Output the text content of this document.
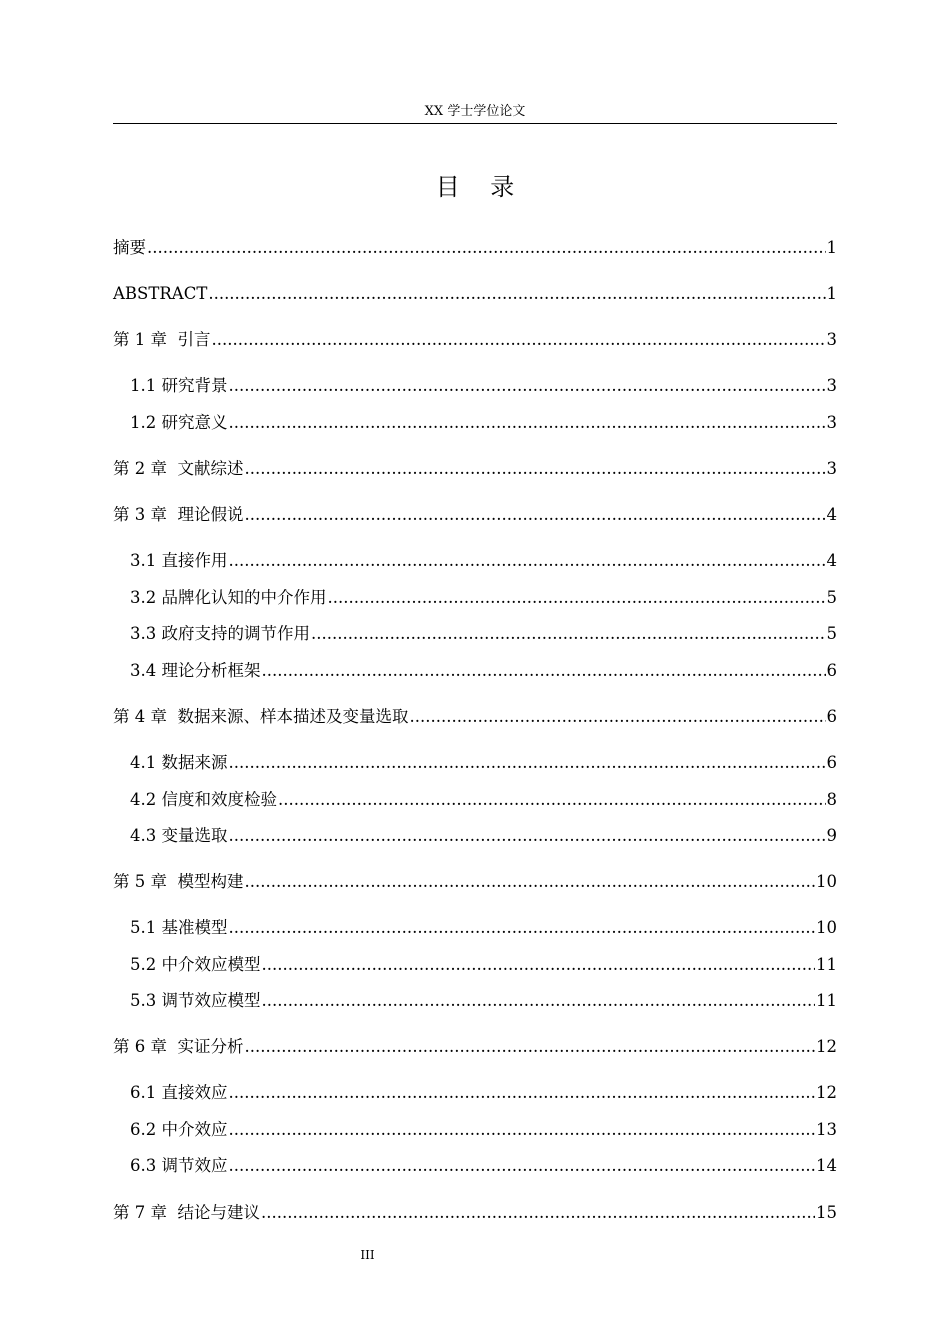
XX 学士学位论文
目    录
摘要 .....	1
ABSTRACT .....	1
第 1 章  引言 .....	3
1.1 研究背景 .....	3
1.2 研究意义 .....	3
第 2 章  文献综述 .....	3
第 3 章  理论假说 .....	4
3.1 直接作用 .....	4
3.2 品牌化认知的中介作用 .....	5
3.3 政府支持的调节作用 .....	5
3.4 理论分析框架 .....	6
第 4 章  数据来源、样本描述及变量选取 .....	6
4.1 数据来源 .....	6
4.2 信度和效度检验 .....	8
4.3 变量选取 .....	9
第 5 章  模型构建 .....	10
5.1 基准模型 .....	10
5.2 中介效应模型 .....	11
5.3 调节效应模型 .....	11
第 6 章  实证分析 .....	12
6.1 直接效应 .....	12
6.2 中介效应 .....	13
6.3 调节效应 .....	14
第 7 章  结论与建议 .....	15
III
